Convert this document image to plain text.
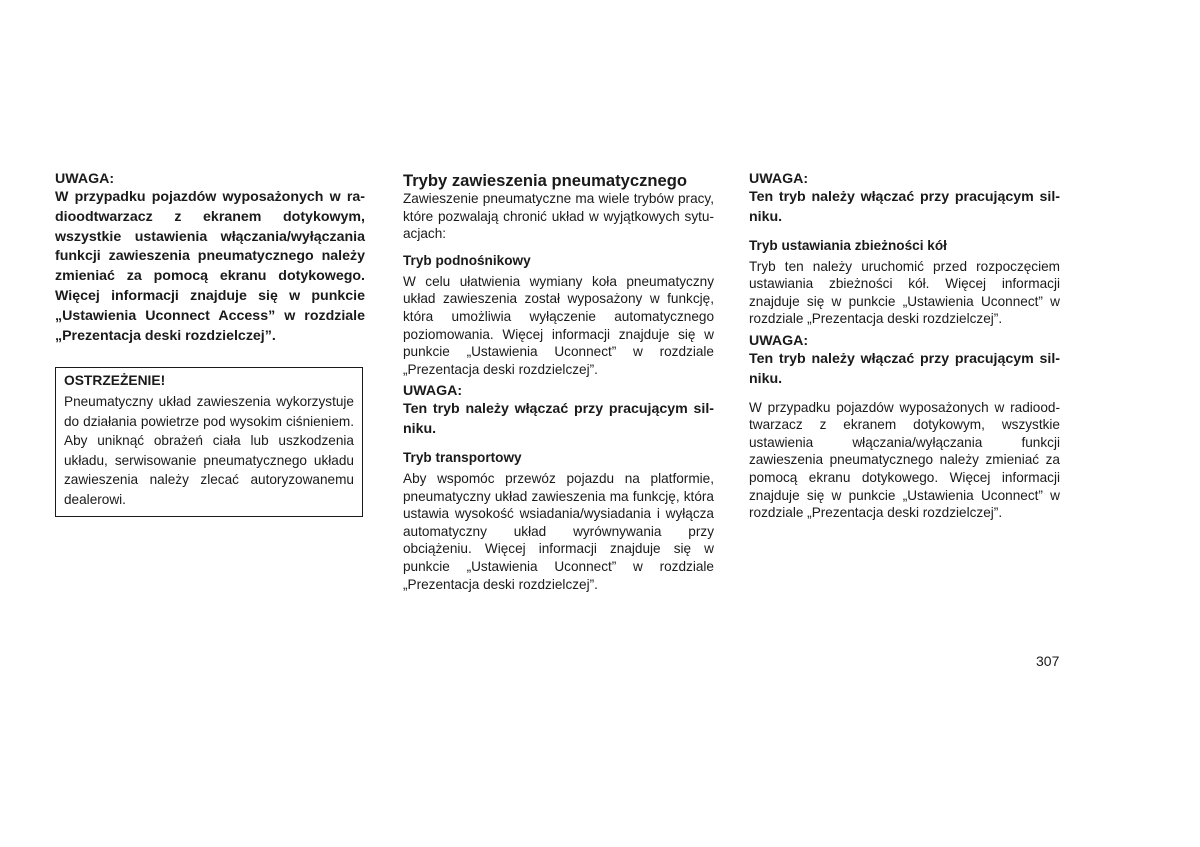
UWAGA:

W przypadku pojazdów wyposażonych w radioodtwarzacz z ekranem dotykowym, wszystkie ustawienia włączania/wyłączania funkcji zawieszenia pneumatycznego należy zmieniać za pomocą ekranu dotykowego. Więcej informacji znajduje się w punkcie „Ustawienia Uconnect Access” w rozdziale „Prezentacja deski rozdzielczej”.

OSTRZEŻENIE!

Pneumatyczny układ zawieszenia wykorzystuje do działania powietrze pod wysokim ciśnieniem. Aby uniknąć obrażeń ciała lub uszkodzenia układu, serwisowanie pneumatycznego układu zawieszenia należy zlecać autoryzowanemu dealerowi.

Tryby zawieszenia pneumatycznego

Zawieszenie pneumatyczne ma wiele trybów pracy, które pozwalają chronić układ w wyjątkowych sytuacjach:

Tryb podnośnikowy

W celu ułatwienia wymiany koła pneumatyczny układ zawieszenia został wyposażony w funkcję, która umożliwia wyłączenie automatycznego poziomowania. Więcej informacji znajduje się w punkcie „Ustawienia Uconnect” w rozdziale „Prezentacja deski rozdzielczej”.

UWAGA:

Ten tryb należy włączać przy pracującym silniku.

Tryb transportowy

Aby wspomóc przewóz pojazdu na platformie, pneumatyczny układ zawieszenia ma funkcję, która ustawia wysokość wsiadania/wysiadania i wyłącza automatyczny układ wyrównywania przy obciążeniu. Więcej informacji znajduje się w punkcie „Ustawienia Uconnect” w rozdziale „Prezentacja deski rozdzielczej”.

UWAGA:

Ten tryb należy włączać przy pracującym silniku.

Tryb ustawiania zbieżności kół

Tryb ten należy uruchomić przed rozpoczęciem ustawiania zbieżności kół. Więcej informacji znajduje się w punkcie „Ustawienia Uconnect” w rozdziale „Prezentacja deski rozdzielczej”.

UWAGA:

Ten tryb należy włączać przy pracującym silniku.

W przypadku pojazdów wyposażonych w radioodtwarzacz z ekranem dotykowym, wszystkie ustawienia włączania/wyłączania funkcji zawieszenia pneumatycznego należy zmieniać za pomocą ekranu dotykowego. Więcej informacji znajduje się w punkcie „Ustawienia Uconnect” w rozdziale „Prezentacja deski rozdzielczej”.

307
